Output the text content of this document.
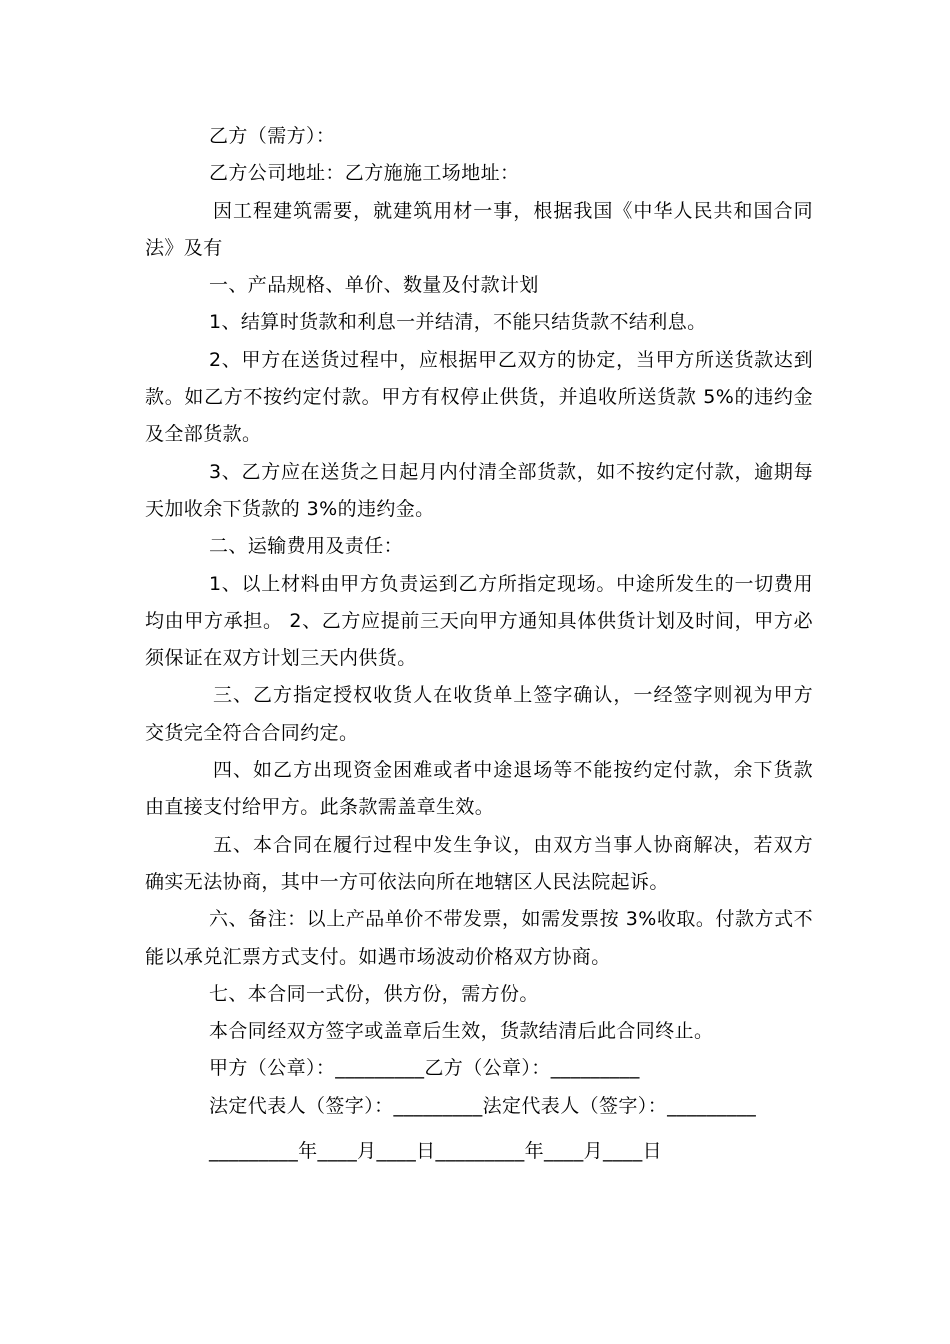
乙方（需方）：

乙方公司地址：乙方施施工场地址：

因工程建筑需要，就建筑用材一事，根据我国《中华人民共和国合同法》及有

一、产品规格、单价、数量及付款计划

1、结算时货款和利息一并结清，不能只结货款不结利息。

2、甲方在送货过程中，应根据甲乙双方的协定，当甲方所送货款达到款。如乙方不按约定付款。甲方有权停止供货，并追收所送货款 5%的违约金及全部货款。

3、乙方应在送货之日起月内付清全部货款，如不按约定付款，逾期每天加收余下货款的 3%的违约金。

二、运输费用及责任：

1、以上材料由甲方负责运到乙方所指定现场。中途所发生的一切费用均由甲方承担。 2、乙方应提前三天向甲方通知具体供货计划及时间，甲方必须保证在双方计划三天内供货。

三、乙方指定授权收货人在收货单上签字确认，一经签字则视为甲方交货完全符合合同约定。

四、如乙方出现资金困难或者中途退场等不能按约定付款，余下货款由直接支付给甲方。此条款需盖章生效。

五、本合同在履行过程中发生争议，由双方当事人协商解决，若双方确实无法协商，其中一方可依法向所在地辖区人民法院起诉。

六、备注：以上产品单价不带发票，如需发票按 3%收取。付款方式不能以承兑汇票方式支付。如遇市场波动价格双方协商。

七、本合同一式份，供方份，需方份。

本合同经双方签字或盖章后生效，货款结清后此合同终止。

甲方（公章）：_________乙方（公章）：_________

法定代表人（签字）：_________法定代表人（签字）：_________

_________年____月____日_________年____月____日
